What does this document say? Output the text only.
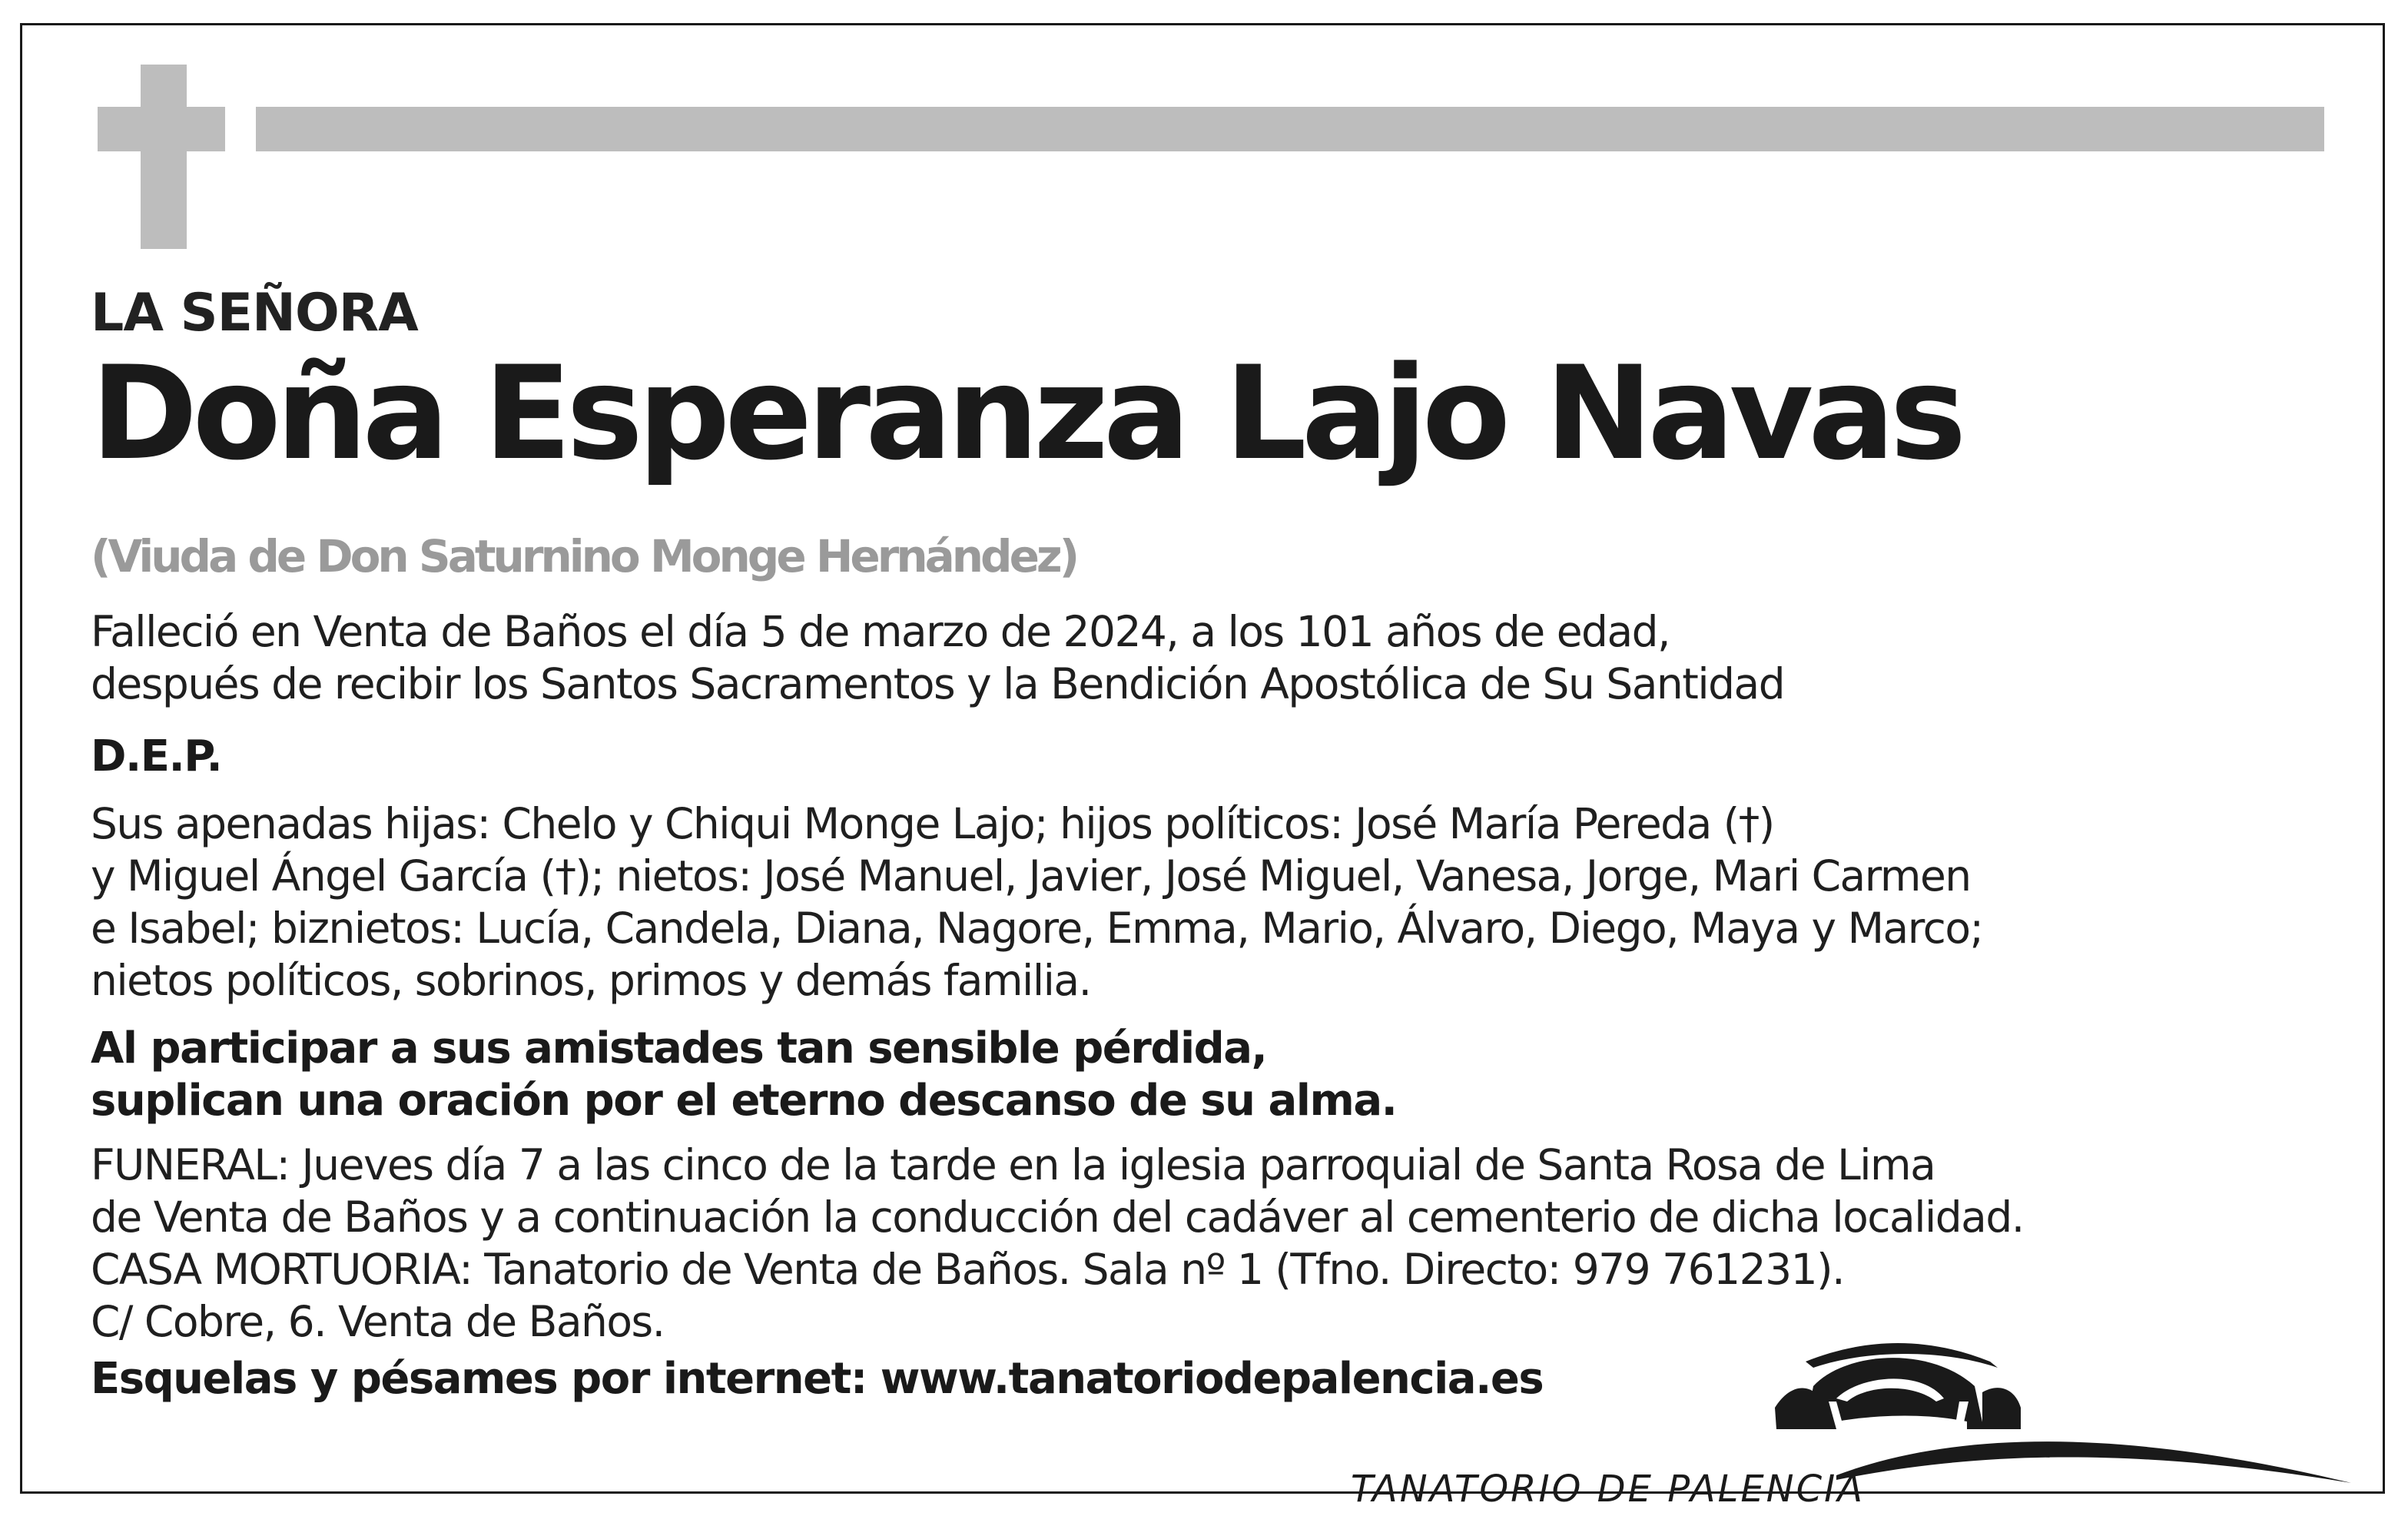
LA SEÑORA

Doña Esperanza Lajo Navas

(Viuda de Don Saturnino Monge Hernández)

Falleció en Venta de Baños el día 5 de marzo de 2024, a los 101 años de edad,

después de recibir los Santos Sacramentos y la Bendición Apostólica de Su Santidad

D.E.P.

Sus apenadas hijas: Chelo y Chiqui Monge Lajo; hijos políticos: José María Pereda (†)

y Miguel Ángel García (†); nietos: José Manuel, Javier, José Miguel, Vanesa, Jorge, Mari Carmen

e Isabel; biznietos: Lucía, Candela, Diana, Nagore, Emma, Mario, Álvaro, Diego, Maya y Marco;

nietos políticos, sobrinos, primos y demás familia.

Al participar a sus amistades tan sensible pérdida,

suplican una oración por el eterno descanso de su alma.

FUNERAL: Jueves día 7 a las cinco de la tarde en la iglesia parroquial de Santa Rosa de Lima

de Venta de Baños y a continuación la conducción del cadáver al cementerio de dicha localidad.

CASA MORTUORIA: Tanatorio de Venta de Baños. Sala nº 1 (Tfno. Directo: 979 761231).

C/ Cobre, 6. Venta de Baños.

Esquelas y pésames por internet: www.tanatoriodepalencia.es

TANATORIO DE PALENCIA
